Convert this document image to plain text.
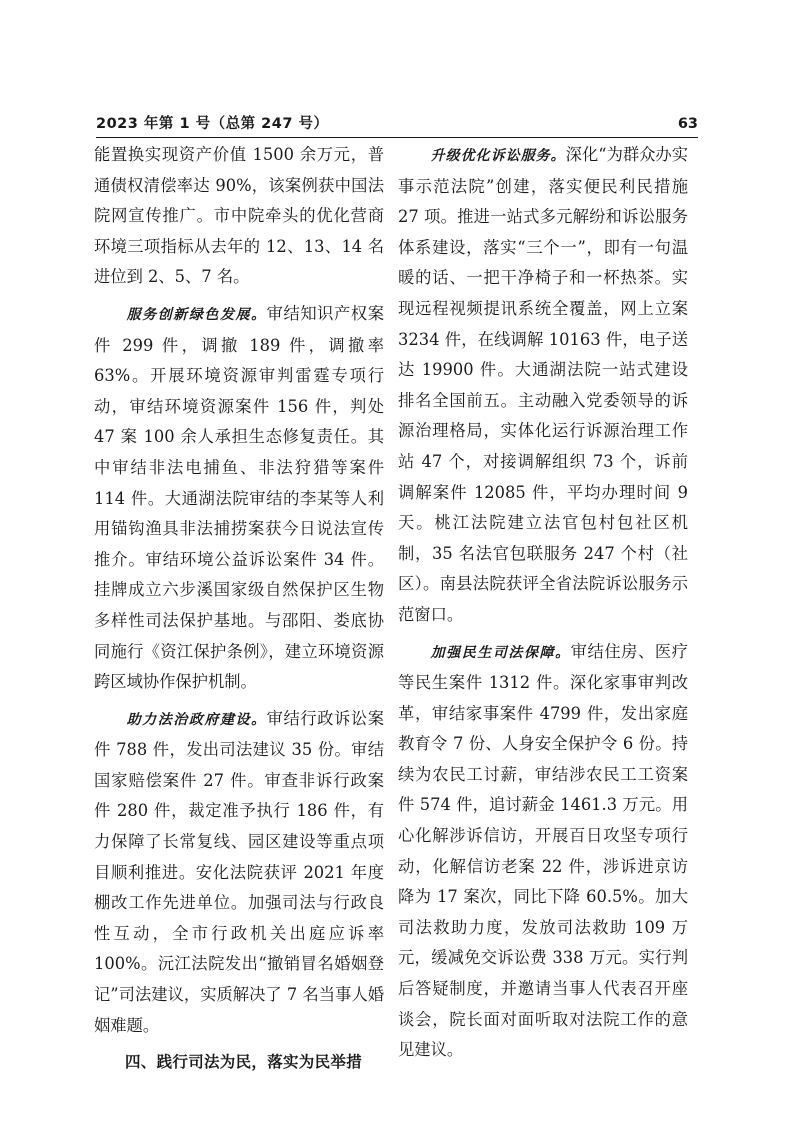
2023 年第 1 号（总第 247 号）	63

能置换实现资产价值 1500 余万元，普通债权清偿率达 90%，该案例获中国法院网宣传推广。市中院牵头的优化营商环境三项指标从去年的 12、13、14 名进位到 2、5、7 名。

服务创新绿色发展。审结知识产权案件 299 件，调撤 189 件，调撤率 63%。开展环境资源审判雷霆专项行动，审结环境资源案件 156 件，判处 47 案 100 余人承担生态修复责任。其中审结非法电捕鱼、非法狩猎等案件 114 件。大通湖法院审结的李某等人利用锚钩渔具非法捕捞案获今日说法宣传推介。审结环境公益诉讼案件 34 件。挂牌成立六步溪国家级自然保护区生物多样性司法保护基地。与邵阳、娄底协同施行《资江保护条例》，建立环境资源跨区域协作保护机制。

助力法治政府建设。审结行政诉讼案件 788 件，发出司法建议 35 份。审结国家赔偿案件 27 件。审查非诉行政案件 280 件，裁定准予执行 186 件，有力保障了长常复线、园区建设等重点项目顺利推进。安化法院获评 2021 年度棚改工作先进单位。加强司法与行政良性互动，全市行政机关出庭应诉率 100%。沅江法院发出“撤销冒名婚姻登记”司法建议，实质解决了 7 名当事人婚姻难题。

四、践行司法为民，落实为民举措

升级优化诉讼服务。深化“为群众办实事示范法院”创建，落实便民利民措施 27 项。推进一站式多元解纷和诉讼服务体系建设，落实“三个一”，即有一句温暖的话、一把干净椅子和一杯热茶。实现远程视频提讯系统全覆盖，网上立案 3234 件，在线调解 10163 件，电子送达 19900 件。大通湖法院一站式建设排名全国前五。主动融入党委领导的诉源治理格局，实体化运行诉源治理工作站 47 个，对接调解组织 73 个，诉前调解案件 12085 件，平均办理时间 9 天。桃江法院建立法官包村包社区机制，35 名法官包联服务 247 个村（社区）。南县法院获评全省法院诉讼服务示范窗口。

加强民生司法保障。审结住房、医疗等民生案件 1312 件。深化家事审判改革，审结家事案件 4799 件，发出家庭教育令 7 份、人身安全保护令 6 份。持续为农民工讨薪，审结涉农民工工资案件 574 件，追讨薪金 1461.3 万元。用心化解涉诉信访，开展百日攻坚专项行动，化解信访老案 22 件，涉诉进京访降为 17 案次，同比下降 60.5%。加大司法救助力度，发放司法救助 109 万元，缓减免交诉讼费 338 万元。实行判后答疑制度，并邀请当事人代表召开座谈会，院长面对面听取对法院工作的意见建议。
